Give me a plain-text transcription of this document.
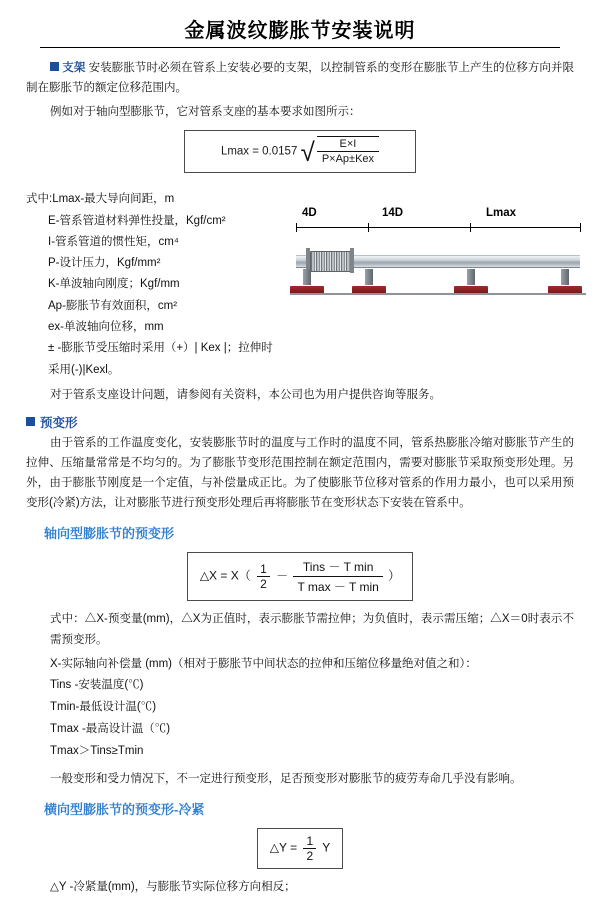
金属波纹膨胀节安装说明

支架 安装膨胀节时必须在管系上安装必要的支架，以控制管系的变形在膨胀节上产生的位移方向并限制在膨胀节的额定位移范围内。

例如对于轴向型膨胀节，它对管系支座的基本要求如图所示：

Lmax = 0.0157 √ $\frac{E\times I}{\text{P×Ap±Kex}}$
式中:Lmax-最大导向间距，m
E-管系管道材料弹性投量，Kgf/cm²
I-管系管道的惯性矩，cm⁴
P-设计压力，Kgf/mm²
K-单波轴向刚度；Kgf/mm
Ap-膨胀节有效面积，cm²
ex-单波轴向位移，mm
± -膨胀节受压缩时采用（+）| Kex |；拉伸时采用(-)|Kexl。
4D	14D	Lmax

对于管系支座设计问题，请参阅有关资料，本公司也为用户提供咨询等服务。

预变形

由于管系的工作温度变化，安装膨胀节时的温度与工作时的温度不同，管系热膨胀冷缩对膨胀节产生的拉伸、压缩量常常是不均匀的。为了膨胀节变形范围控制在额定范围内，需要对膨胀节采取预变形处理。另外，由于膨胀节刚度是一个定值，与补偿量成正比。为了使膨胀节位移对管系的作用力最小，也可以采用预变形(冷紧)方法，让对膨胀节进行预变形处理后再将膨胀节在变形状态下安装在管系中。

轴向型膨胀节的预变形
△X = $X( \frac{1}{2}$ －
Tins － T min
T max － T min
）

式中：△X-预变量(mm)，△X为正值时，表示膨胀节需拉伸；为负值时，表示需压缩；△X＝0时表示不需预变形。

X-实际轴向补偿量 (mm)（相对于膨胀节中间状态的拉伸和压缩位移量绝对值之和）：
Tins -安装温度(℃)
Tmin-最低设计温(℃)
Tmax -最高设计温（℃)
Tmax＞Tins≥Tmin

一般变形和受力情况下，不一定进行预变形，足否预变形对膨胀节的疲劳寿命几乎没有影响。

横向型膨胀节的预变形-冷紧
△Y = $\frac{1}{2}$ Y

△Y -冷紧量(mm)，与膨胀节实际位移方向相反；
